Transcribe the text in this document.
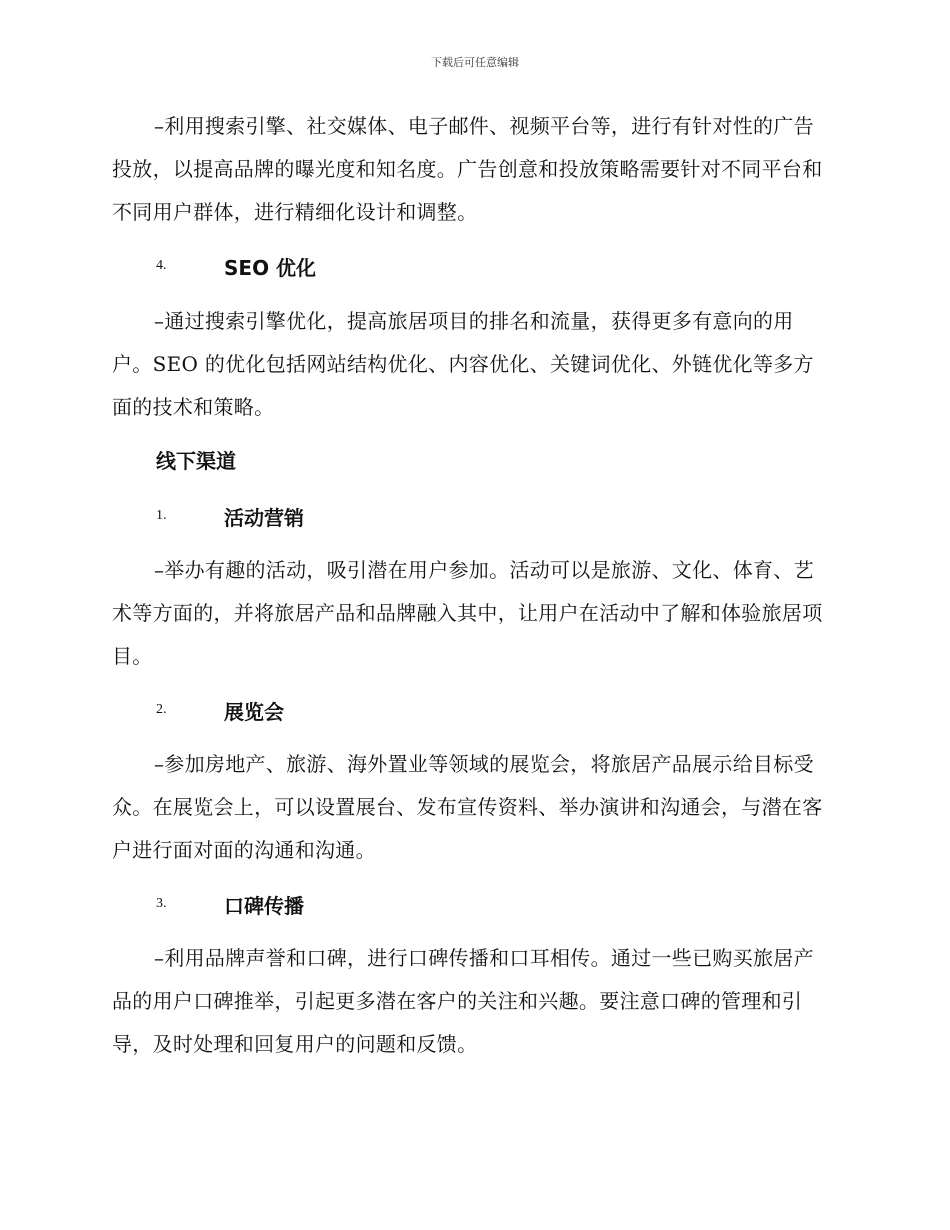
下载后可任意编辑

–利用搜索引擎、社交媒体、电子邮件、视频平台等，进行有针对性的广告投放，以提高品牌的曝光度和知名度。广告创意和投放策略需要针对不同平台和不同用户群体，进行精细化设计和调整。

4.	SEO 优化

–通过搜索引擎优化，提高旅居项目的排名和流量，获得更多有意向的用户。SEO 的优化包括网站结构优化、内容优化、关键词优化、外链优化等多方面的技术和策略。

线下渠道
1.	活动营销

–举办有趣的活动，吸引潜在用户参加。活动可以是旅游、文化、体育、艺术等方面的，并将旅居产品和品牌融入其中，让用户在活动中了解和体验旅居项目。

2.	展览会

–参加房地产、旅游、海外置业等领域的展览会，将旅居产品展示给目标受众。在展览会上，可以设置展台、发布宣传资料、举办演讲和沟通会，与潜在客户进行面对面的沟通和沟通。

3.	口碑传播

–利用品牌声誉和口碑，进行口碑传播和口耳相传。通过一些已购买旅居产品的用户口碑推举，引起更多潜在客户的关注和兴趣。要注意口碑的管理和引导，及时处理和回复用户的问题和反馈。
